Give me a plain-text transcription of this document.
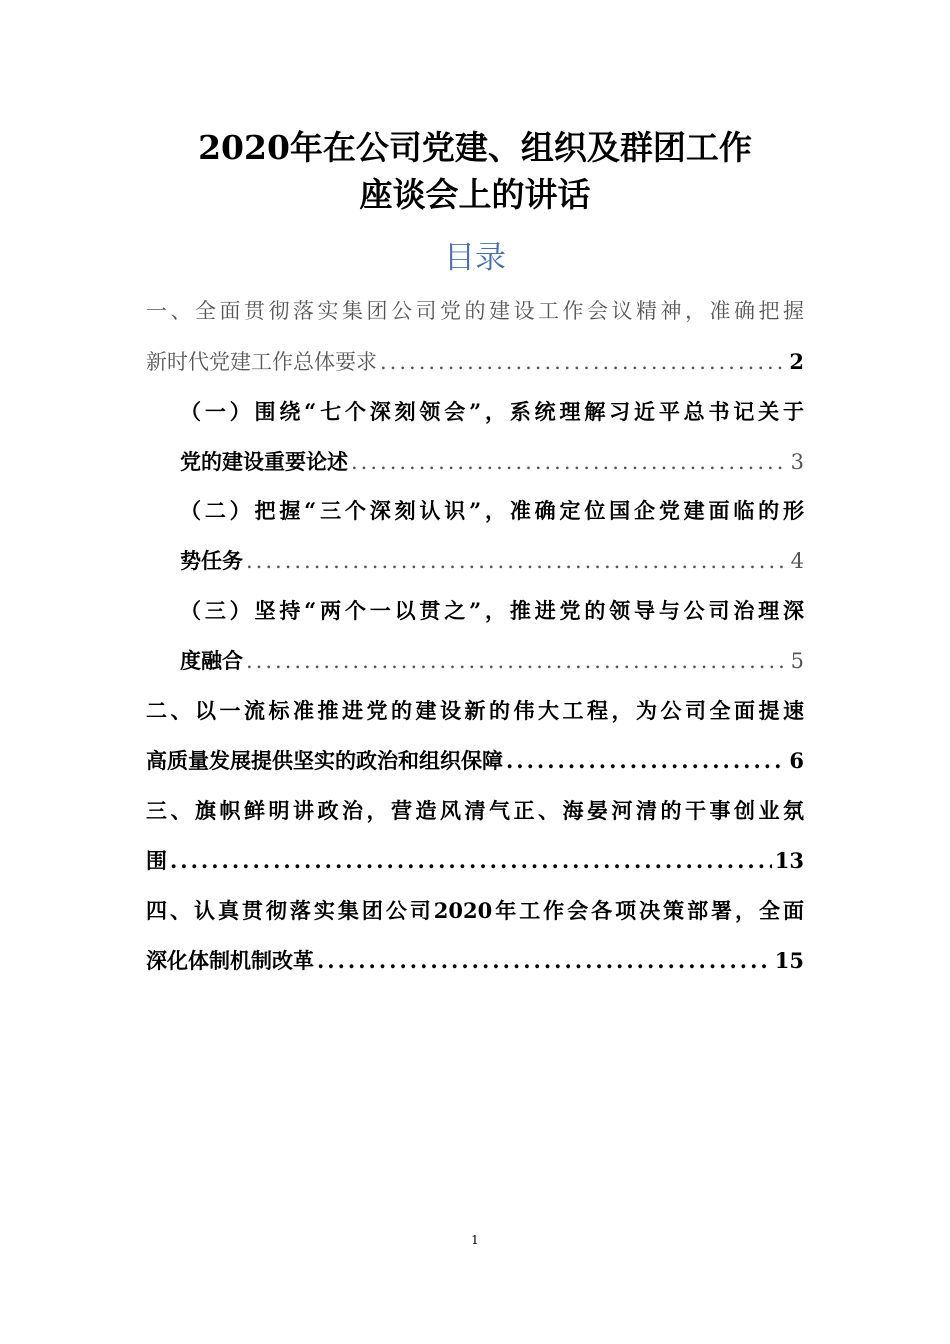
2020年在公司党建、组织及群团工作
座谈会上的讲话
目录
一、全面贯彻落实集团公司党的建设工作会议精神，准确把握
新时代党建工作总体要求 .....	2
（一）围绕“七个深刻领会”，系统理解习近平总书记关于
党的建设重要论述 .....	3
（二）把握“三个深刻认识”，准确定位国企党建面临的形
势任务 .....	4
（三）坚持“两个一以贯之”，推进党的领导与公司治理深
度融合 .....	5
二、以一流标准推进党的建设新的伟大工程，为公司全面提速
高质量发展提供坚实的政治和组织保障 .....	6
三、旗帜鲜明讲政治，营造风清气正、海晏河清的干事创业氛
围 .....	13
四、认真贯彻落实集团公司2020年工作会各项决策部署，全面
深化体制机制改革 .....	15
1
